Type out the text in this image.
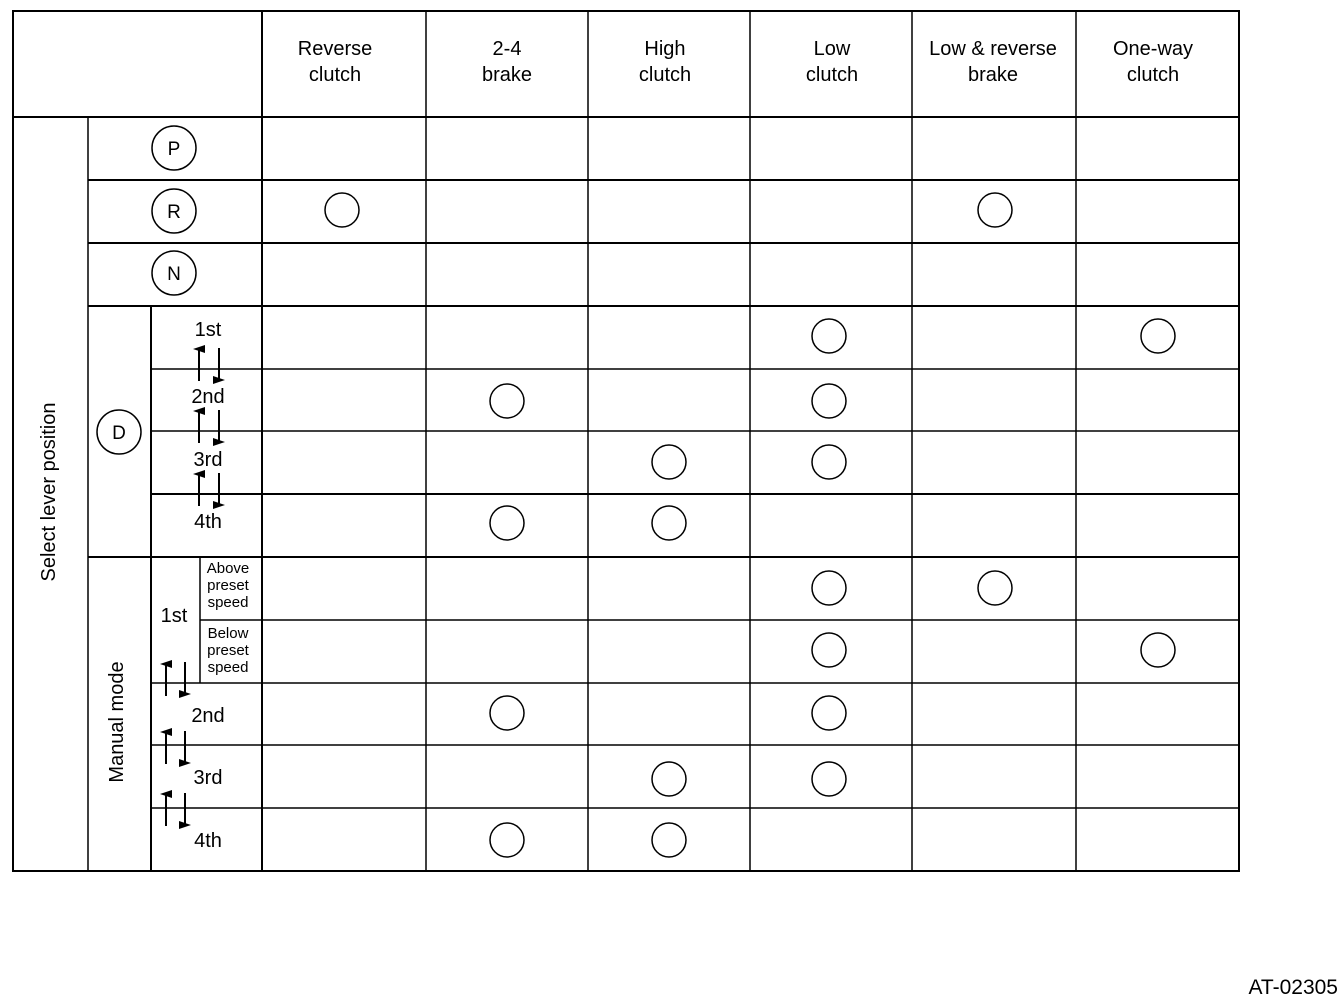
Reverse
clutch
2-4
brake
High
clutch
Low
clutch
Low & reverse
brake
One-way
clutch
Select lever position
Manual mode
P
R
N
D
1st
2nd
3rd
4th
1st
Above
preset
speed
Below
preset
speed
2nd
3rd
4th
AT-02305
